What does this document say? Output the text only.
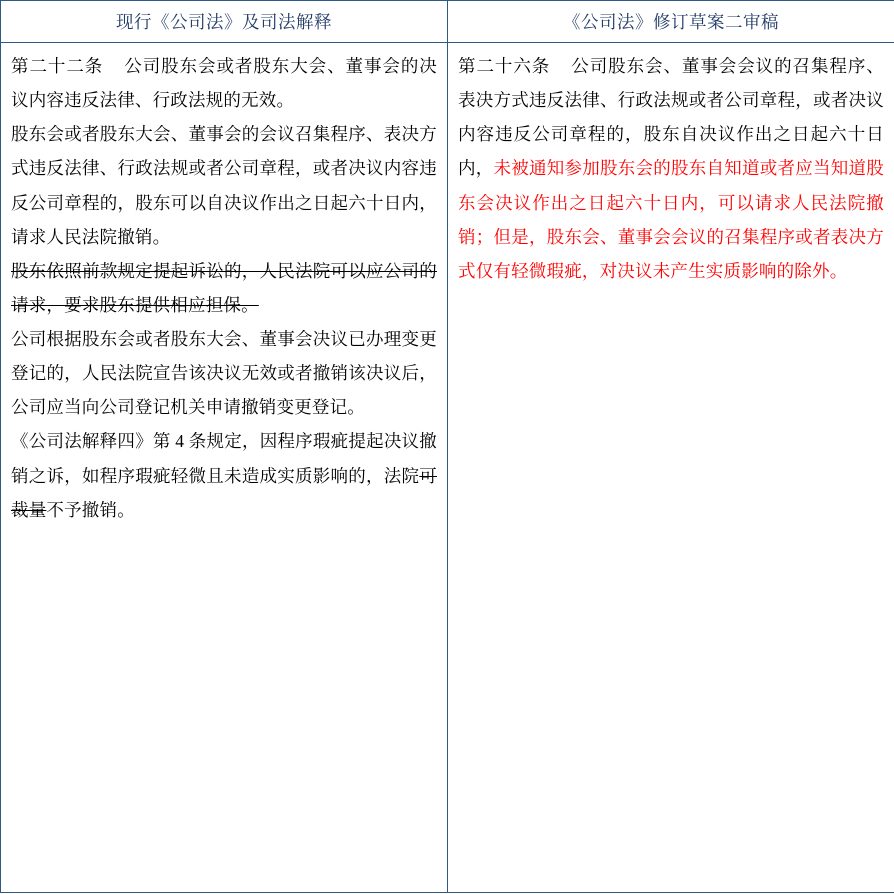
现行《公司法》及司法解释	《公司法》修订草案二审稿

第二十二条 公司股东会或者股东大会、董事会的决议内容违反法律、行政法规的无效。

股东会或者股东大会、董事会的会议召集程序、表决方式违反法律、行政法规或者公司章程，或者决议内容违反公司章程的，股东可以自决议作出之日起六十日内，请求人民法院撤销。

股东依照前款规定提起诉讼的，人民法院可以应公司的请求，要求股东提供相应担保。

公司根据股东会或者股东大会、董事会决议已办理变更登记的，人民法院宣告该决议无效或者撤销该决议后，公司应当向公司登记机关申请撤销变更登记。

《公司法解释四》第 4 条规定，因程序瑕疵提起决议撤销之诉，如程序瑕疵轻微且未造成实质影响的，法院可裁量不予撤销。	第二十六条 公司股东会、董事会会议的召集程序、表决方式违反法律、行政法规或者公司章程，或者决议内容违反公司章程的，股东自决议作出之日起六十日内，未被通知参加股东会的股东自知道或者应当知道股东会决议作出之日起六十日内，可以请求人民法院撤销；但是，股东会、董事会会议的召集程序或者表决方式仅有轻微瑕疵，对决议未产生实质影响的除外。
